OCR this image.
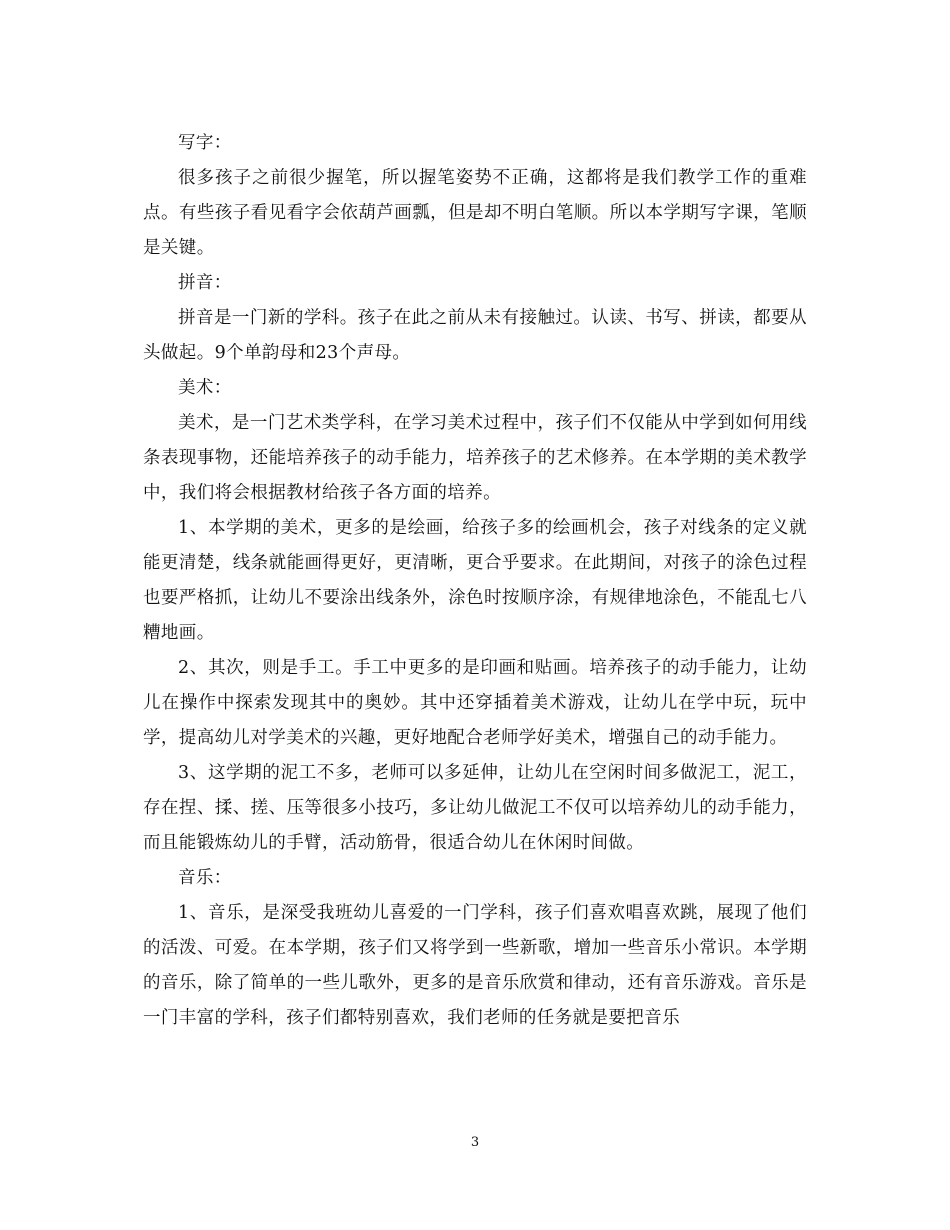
写字：

很多孩子之前很少握笔，所以握笔姿势不正确，这都将是我们教学工作的重难点。有些孩子看见看字会依葫芦画瓢，但是却不明白笔顺。所以本学期写字课，笔顺是关键。

拼音：

拼音是一门新的学科。孩子在此之前从未有接触过。认读、书写、拼读，都要从头做起。9个单韵母和23个声母。

美术：

美术，是一门艺术类学科，在学习美术过程中，孩子们不仅能从中学到如何用线条表现事物，还能培养孩子的动手能力，培养孩子的艺术修养。在本学期的美术教学中，我们将会根据教材给孩子各方面的培养。

1、本学期的美术，更多的是绘画，给孩子多的绘画机会，孩子对线条的定义就能更清楚，线条就能画得更好，更清晰，更合乎要求。在此期间，对孩子的涂色过程也要严格抓，让幼儿不要涂出线条外，涂色时按顺序涂，有规律地涂色，不能乱七八糟地画。

2、其次，则是手工。手工中更多的是印画和贴画。培养孩子的动手能力，让幼儿在操作中探索发现其中的奥妙。其中还穿插着美术游戏，让幼儿在学中玩，玩中学，提高幼儿对学美术的兴趣，更好地配合老师学好美术，增强自己的动手能力。

3、这学期的泥工不多，老师可以多延伸，让幼儿在空闲时间多做泥工，泥工，存在捏、揉、搓、压等很多小技巧，多让幼儿做泥工不仅可以培养幼儿的动手能力，而且能锻炼幼儿的手臂，活动筋骨，很适合幼儿在休闲时间做。

音乐：

1、音乐，是深受我班幼儿喜爱的一门学科，孩子们喜欢唱喜欢跳，展现了他们的活泼、可爱。在本学期，孩子们又将学到一些新歌，增加一些音乐小常识。本学期的音乐，除了简单的一些儿歌外，更多的是音乐欣赏和律动，还有音乐游戏。音乐是一门丰富的学科，孩子们都特别喜欢，我们老师的任务就是要把音乐

3
